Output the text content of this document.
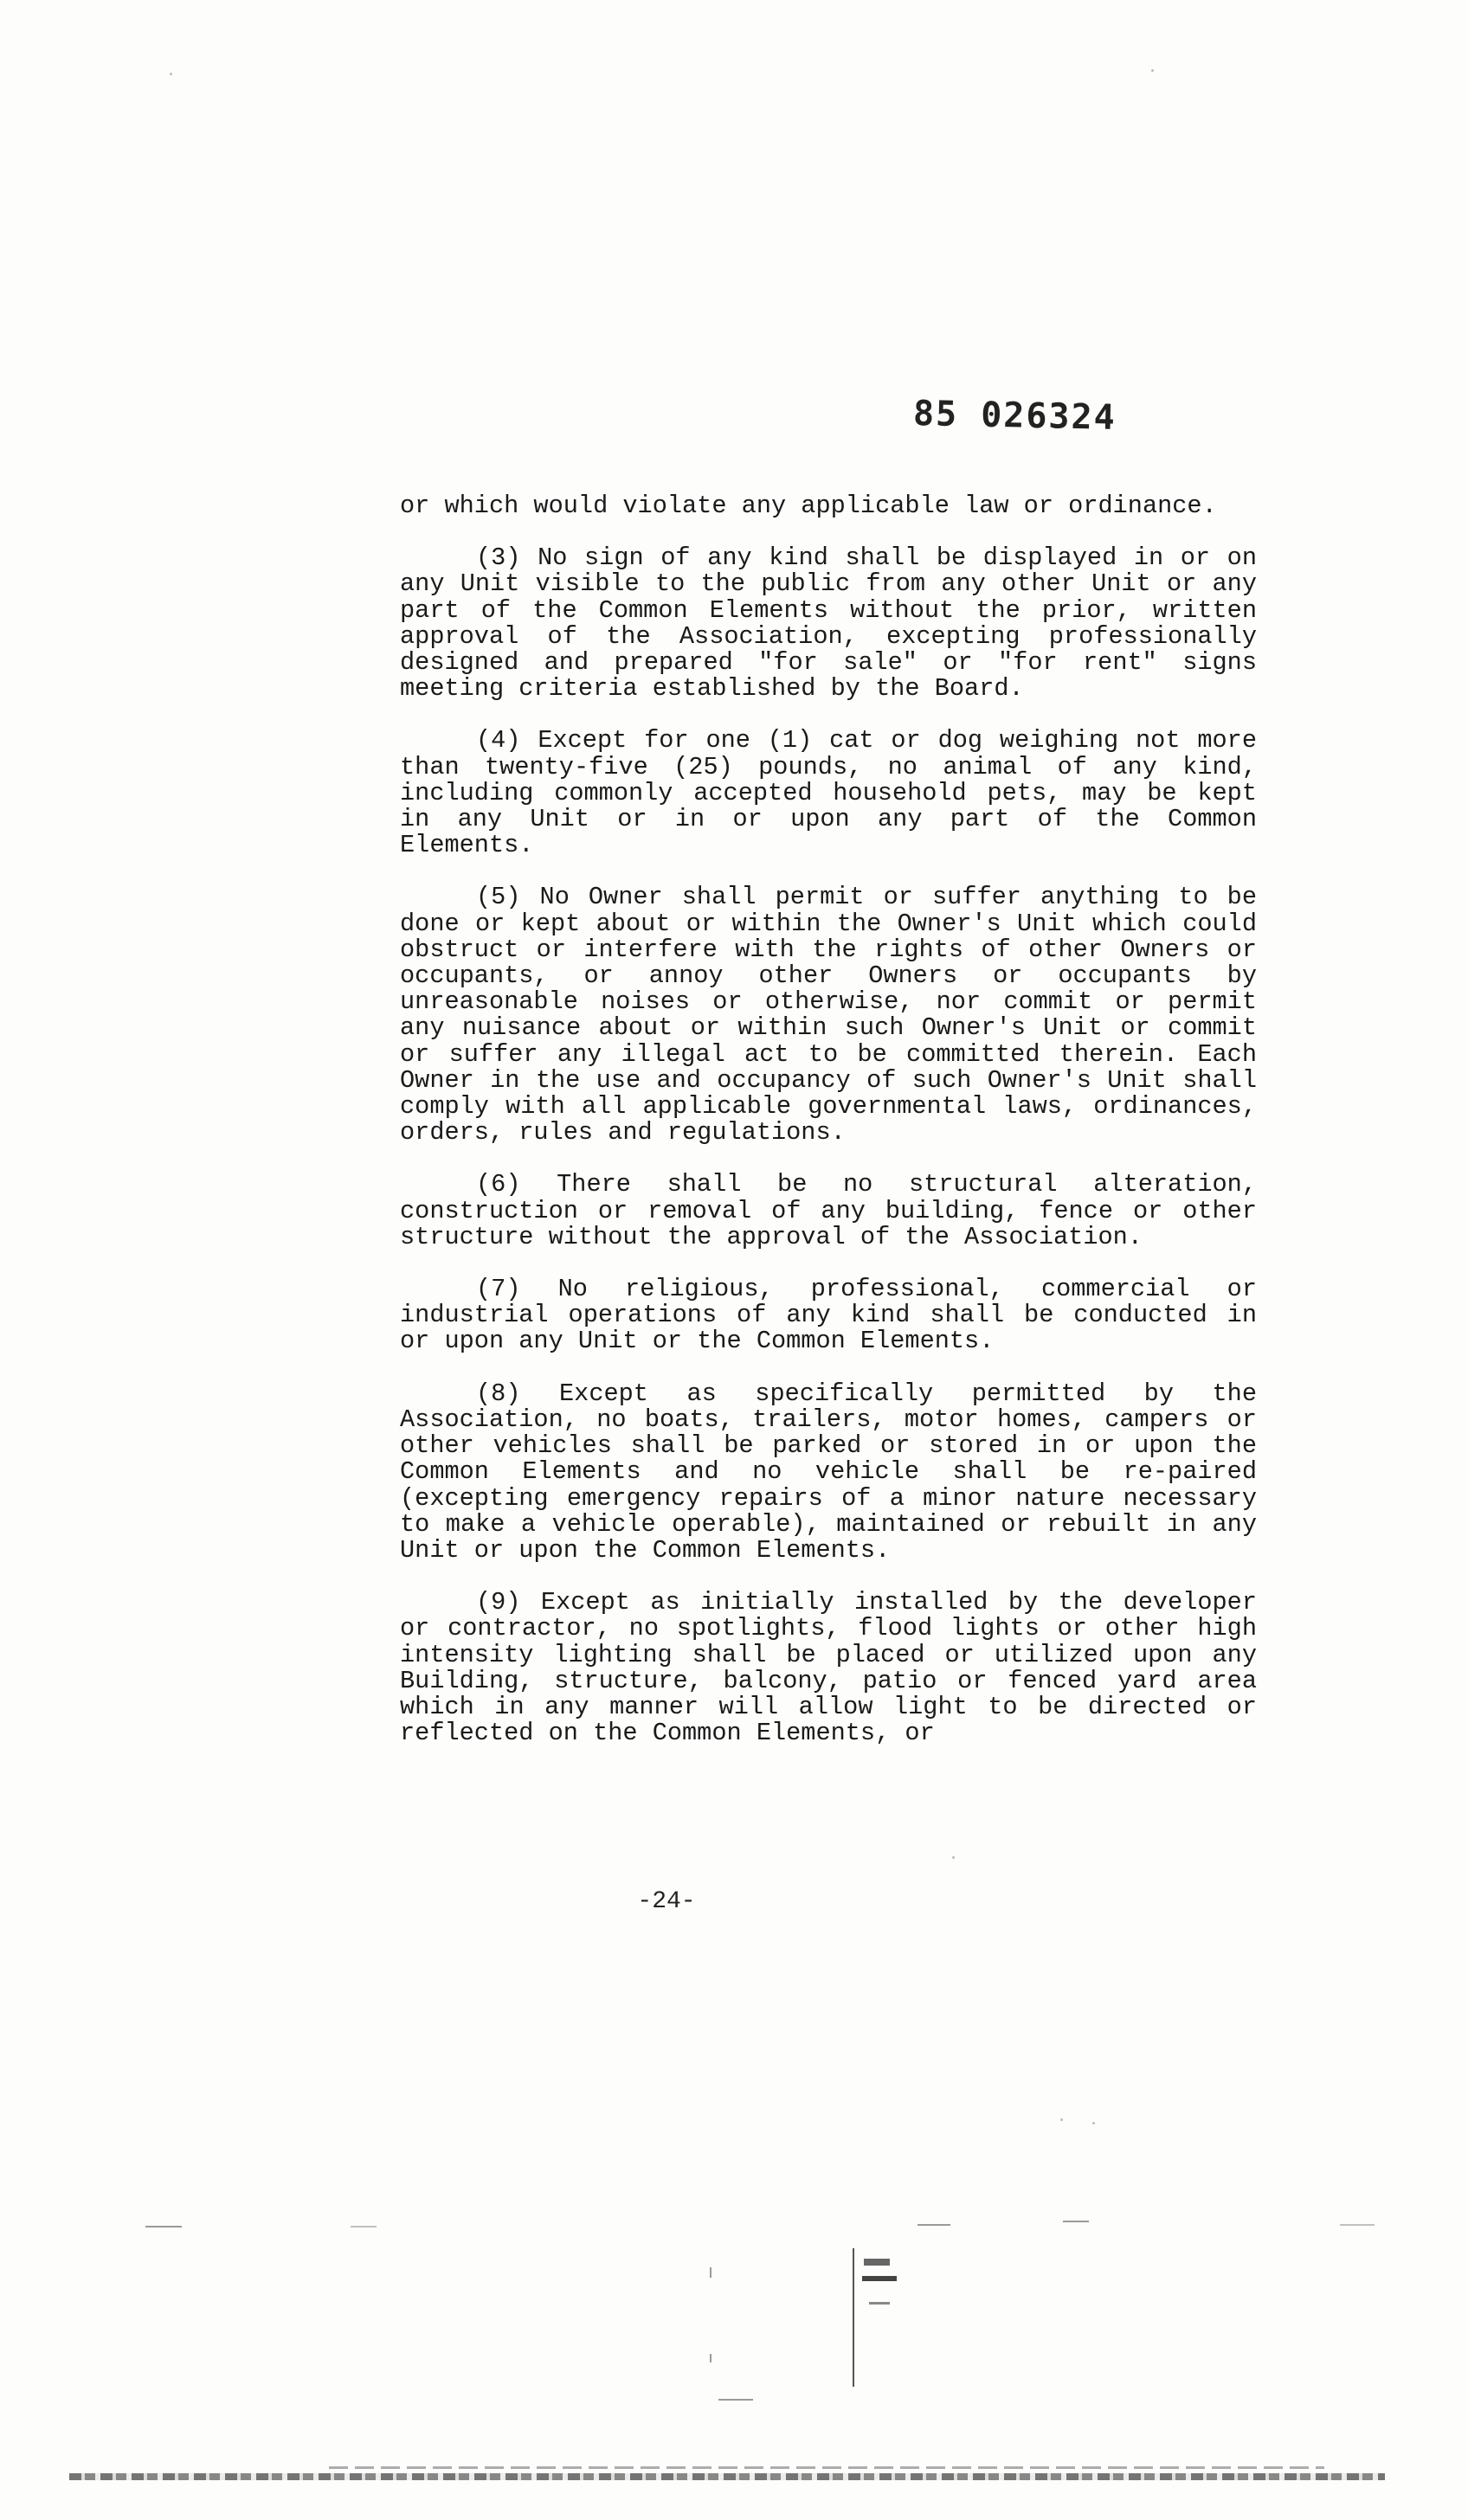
85 026324

or which would violate any applicable law or ordinance.

(3) No sign of any kind shall be displayed in or on any Unit visible to the public from any other Unit or any part of the Common Elements without the prior, written approval of the Association, excepting professionally designed and prepared "for sale" or "for rent" signs meeting criteria established by the Board.

(4) Except for one (1) cat or dog weighing not more than twenty-five (25) pounds, no animal of any kind, including commonly accepted household pets, may be kept in any Unit or in or upon any part of the Common Elements.

(5) No Owner shall permit or suffer anything to be done or kept about or within the Owner's Unit which could obstruct or interfere with the rights of other Owners or occupants, or annoy other Owners or occupants by unreasonable noises or otherwise, nor commit or permit any nuisance about or within such Owner's Unit or commit or suffer any illegal act to be committed therein. Each Owner in the use and occupancy of such Owner's Unit shall comply with all applicable governmental laws, ordinances, orders, rules and regulations.

(6) There shall be no structural alteration, construction or removal of any building, fence or other structure without the approval of the Association.

(7) No religious, professional, commercial or industrial operations of any kind shall be conducted in or upon any Unit or the Common Elements.

(8) Except as specifically permitted by the Association, no boats, trailers, motor homes, campers or other vehicles shall be parked or stored in or upon the Common Elements and no vehicle shall be re-paired (excepting emergency repairs of a minor nature necessary to make a vehicle operable), maintained or rebuilt in any Unit or upon the Common Elements.

(9) Except as initially installed by the developer or contractor, no spotlights, flood lights or other high intensity lighting shall be placed or utilized upon any Building, structure, balcony, patio or fenced yard area which in any manner will allow light to be directed or reflected on the Common Elements, or

-24-
